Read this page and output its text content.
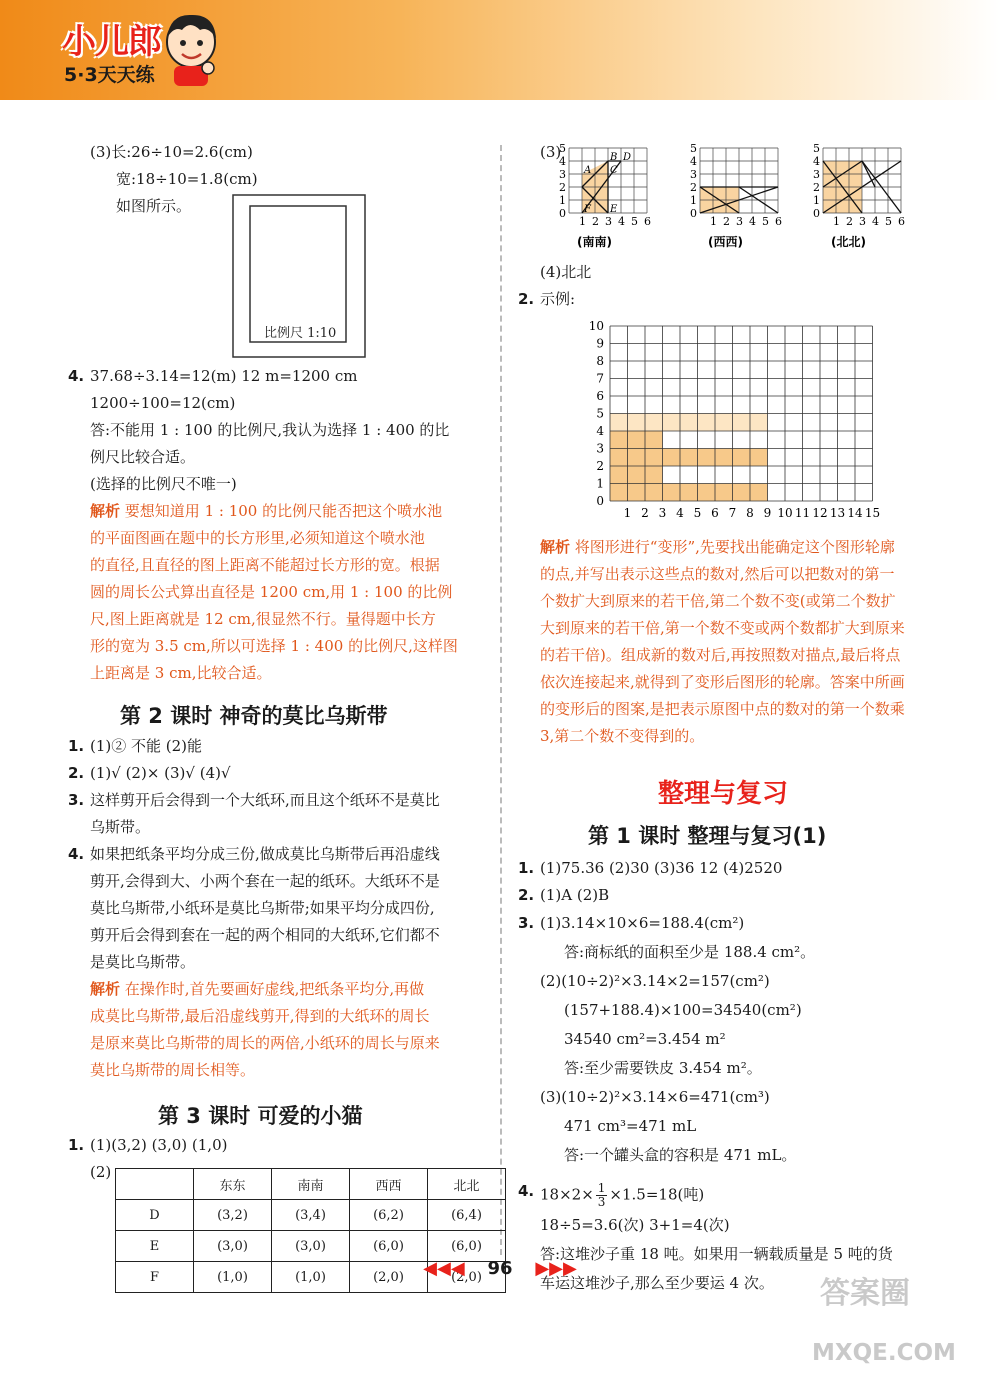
小儿郎
5·3天天练
(3)长:26÷10=2.6(cm)
宽:18÷10=1.8(cm)
如图所示。
比例尺 1:10
4. 37.68÷3.14=12(m) 12 m=1200 cm
1200÷100=12(cm)
答:不能用 1 : 100 的比例尺,我认为选择 1 : 400 的比
例尺比较合适。
(选择的比例尺不唯一)
解析 要想知道用 1 : 100 的比例尺能否把这个喷水池
的平面图画在题中的长方形里,必须知道这个喷水池
的直径,且直径的图上距离不能超过长方形的宽。根据
圆的周长公式算出直径是 1200 cm,用 1 : 100 的比例
尺,图上距离就是 12 cm,很显然不行。量得题中长方
形的宽为 3.5 cm,所以可选择 1 : 400 的比例尺,这样图
上距离是 3 cm,比较合适。
第 2 课时 神奇的莫比乌斯带
1. (1)② 不能 (2)能
2. (1)√ (2)× (3)√ (4)√
3. 这样剪开后会得到一个大纸环,而且这个纸环不是莫比
乌斯带。
4. 如果把纸条平均分成三份,做成莫比乌斯带后再沿虚线
剪开,会得到大、小两个套在一起的纸环。大纸环不是
莫比乌斯带,小纸环是莫比乌斯带;如果平均分成四份,
剪开后会得到套在一起的两个相同的大纸环,它们都不
是莫比乌斯带。
解析 在操作时,首先要画好虚线,把纸条平均分,再做
成莫比乌斯带,最后沿虚线剪开,得到的大纸环的周长
是原来莫比乌斯带的周长的两倍,小纸环的周长与原来
莫比乌斯带的周长相等。
第 3 课时 可爱的小猫
1. (1)(3,2) (3,0) (1,0)
(2)
	东东	南南	西西	北北
D	(3,2)	(3,4)	(6,2)	(6,4)
E	(3,0)	(3,0)	(6,0)	(6,0)
F	(1,0)	(1,0)	(2,0)	(2,0)
(3)
5
4
3
2
1
0
1 2 3 4 5 6
(南南)
5
4
3
2
1
0
1 2 3 4 5 6
(西西)
5
4
3
2
1
0
1 2 3 4 5 6
(北北)
A
B
C
D
E
F
(4)北北
2. 示例:
0
1
2
3
4
5
6
7
8
9
10
1 2 3 4 5 6 7 8 9 10 11 12 13 14 15
解析 将图形进行“变形”,先要找出能确定这个图形轮廓
的点,并写出表示这些点的数对,然后可以把数对的第一
个数扩大到原来的若干倍,第二个数不变(或第二个数扩
大到原来的若干倍,第一个数不变或两个数都扩大到原来
的若干倍)。组成新的数对后,再按照数对描点,最后将点
依次连接起来,就得到了变形后图形的轮廓。答案中所画
的变形后的图案,是把表示原图中点的数对的第一个数乘
3,第二个数不变得到的。
整理与复习
第 1 课时 整理与复习(1)
1. (1)75.36 (2)30 (3)36 12 (4)2520
2. (1)A (2)B
3. (1)3.14×10×6=188.4(cm²)
答:商标纸的面积至少是 188.4 cm²。
(2)(10÷2)²×3.14×2=157(cm²)
(157+188.4)×100=34540(cm²)
34540 cm²=3.454 m²
答:至少需要铁皮 3.454 m²。
(3)(10÷2)²×3.14×6=471(cm³)
471 cm³=471 mL
答:一个罐头盒的容积是 471 mL。
4. $18\times 2\times \frac{1}{3} \times 1.5=18$(吨)
18÷5=3.6(次) 3+1=4(次)
答:这堆沙子重 18 吨。如果用一辆载质量是 5 吨的货
车运这堆沙子,那么至少要运 4 次。
◀◀◀ 96 ▶▶▶
答案圈
MXQE.COM
